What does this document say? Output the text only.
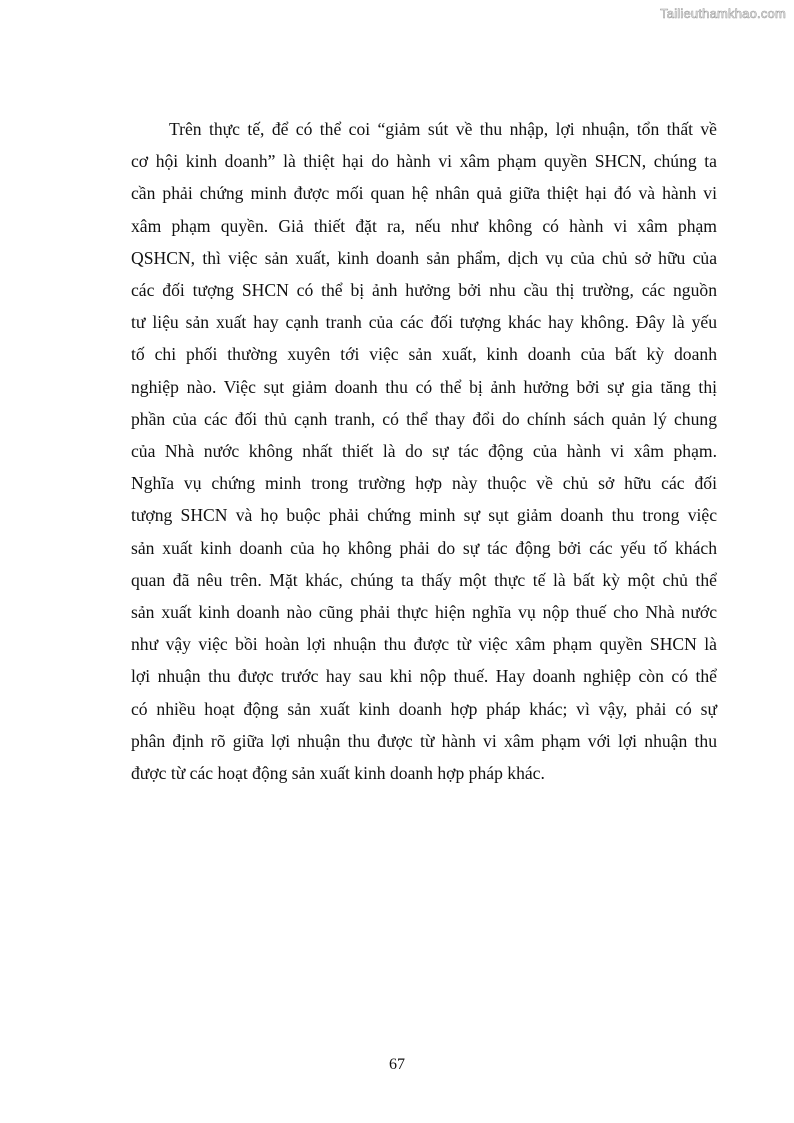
Tailieuthamkhao.com

Trên thực tế, để có thể coi “giảm sút về thu nhập, lợi nhuận, tổn thất về
cơ hội kinh doanh” là thiệt hại do hành vi xâm phạm quyền SHCN, chúng ta
cần phải chứng minh được mối quan hệ nhân quả giữa thiệt hại đó và hành vi
xâm phạm quyền. Giả thiết đặt ra, nếu như không có hành vi xâm phạm
QSHCN, thì việc sản xuất, kinh doanh sản phẩm, dịch vụ của chủ sở hữu của
các đối tượng SHCN có thể bị ảnh hưởng bởi nhu cầu thị trường, các nguồn
tư liệu sản xuất hay cạnh tranh của các đối tượng khác hay không. Đây là yếu
tố chi phối thường xuyên tới việc sản xuất, kinh doanh của bất kỳ doanh
nghiệp nào. Việc sụt giảm doanh thu có thể bị ảnh hưởng bởi sự gia tăng thị
phần của các đối thủ cạnh tranh, có thể thay đổi do chính sách quản lý chung
của Nhà nước không nhất thiết là do sự tác động của hành vi xâm phạm.
Nghĩa vụ chứng minh trong trường hợp này thuộc về chủ sở hữu các đối
tượng SHCN và họ buộc phải chứng minh sự sụt giảm doanh thu trong việc
sản xuất kinh doanh của họ không phải do sự tác động bởi các yếu tố khách
quan đã nêu trên. Mặt khác, chúng ta thấy một thực tế là bất kỳ một chủ thể
sản xuất kinh doanh nào cũng phải thực hiện nghĩa vụ nộp thuế cho Nhà nước
như vậy việc bồi hoàn lợi nhuận thu được từ việc xâm phạm quyền SHCN là
lợi nhuận thu được trước hay sau khi nộp thuế. Hay doanh nghiệp còn có thể
có nhiều hoạt động sản xuất kinh doanh hợp pháp khác; vì vậy, phải có sự
phân định rõ giữa lợi nhuận thu được từ hành vi xâm phạm với lợi nhuận thu
được từ các hoạt động sản xuất kinh doanh hợp pháp khác.

67
